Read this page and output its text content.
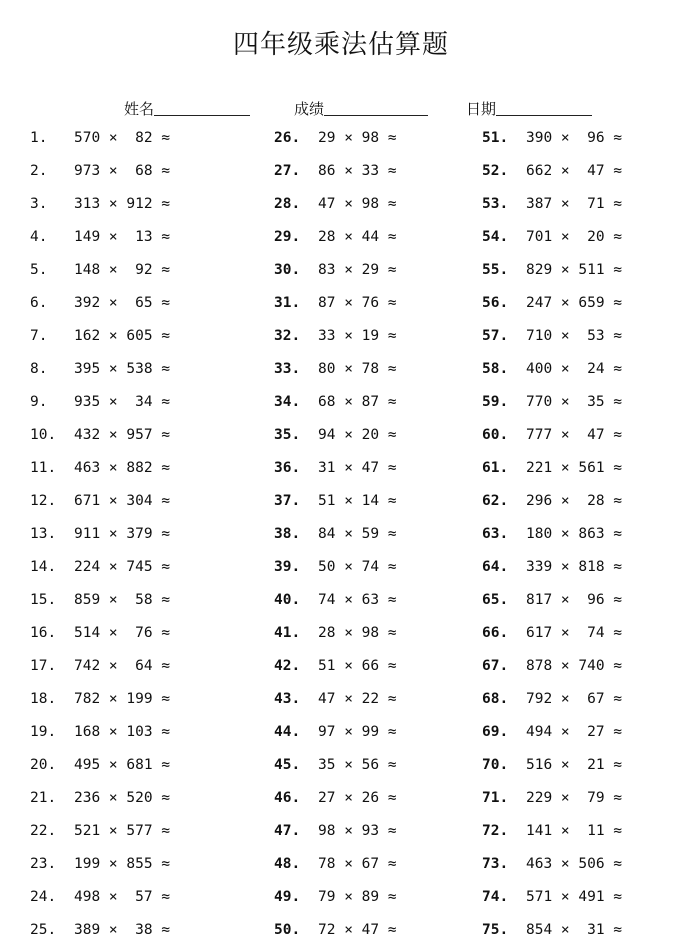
四年级乘法估算题
姓名	成绩	日期
1. 570 ×  82 ≈
2. 973 ×  68 ≈
3. 313 × 912 ≈
4. 149 ×  13 ≈
5. 148 ×  92 ≈
6. 392 ×  65 ≈
7. 162 × 605 ≈
8. 395 × 538 ≈
9. 935 ×  34 ≈
10. 432 × 957 ≈
11. 463 × 882 ≈
12. 671 × 304 ≈
13. 911 × 379 ≈
14. 224 × 745 ≈
15. 859 ×  58 ≈
16. 514 ×  76 ≈
17. 742 ×  64 ≈
18. 782 × 199 ≈
19. 168 × 103 ≈
20. 495 × 681 ≈
21. 236 × 520 ≈
22. 521 × 577 ≈
23. 199 × 855 ≈
24. 498 ×  57 ≈
25. 389 ×  38 ≈
26. 29 × 98 ≈
27. 86 × 33 ≈
28. 47 × 98 ≈
29. 28 × 44 ≈
30. 83 × 29 ≈
31. 87 × 76 ≈
32. 33 × 19 ≈
33. 80 × 78 ≈
34. 68 × 87 ≈
35. 94 × 20 ≈
36. 31 × 47 ≈
37. 51 × 14 ≈
38. 84 × 59 ≈
39. 50 × 74 ≈
40. 74 × 63 ≈
41. 28 × 98 ≈
42. 51 × 66 ≈
43. 47 × 22 ≈
44. 97 × 99 ≈
45. 35 × 56 ≈
46. 27 × 26 ≈
47. 98 × 93 ≈
48. 78 × 67 ≈
49. 79 × 89 ≈
50. 72 × 47 ≈
51. 390 ×  96 ≈
52. 662 ×  47 ≈
53. 387 ×  71 ≈
54. 701 ×  20 ≈
55. 829 × 511 ≈
56. 247 × 659 ≈
57. 710 ×  53 ≈
58. 400 ×  24 ≈
59. 770 ×  35 ≈
60. 777 ×  47 ≈
61. 221 × 561 ≈
62. 296 ×  28 ≈
63. 180 × 863 ≈
64. 339 × 818 ≈
65. 817 ×  96 ≈
66. 617 ×  74 ≈
67. 878 × 740 ≈
68. 792 ×  67 ≈
69. 494 ×  27 ≈
70. 516 ×  21 ≈
71. 229 ×  79 ≈
72. 141 ×  11 ≈
73. 463 × 506 ≈
74. 571 × 491 ≈
75. 854 ×  31 ≈
